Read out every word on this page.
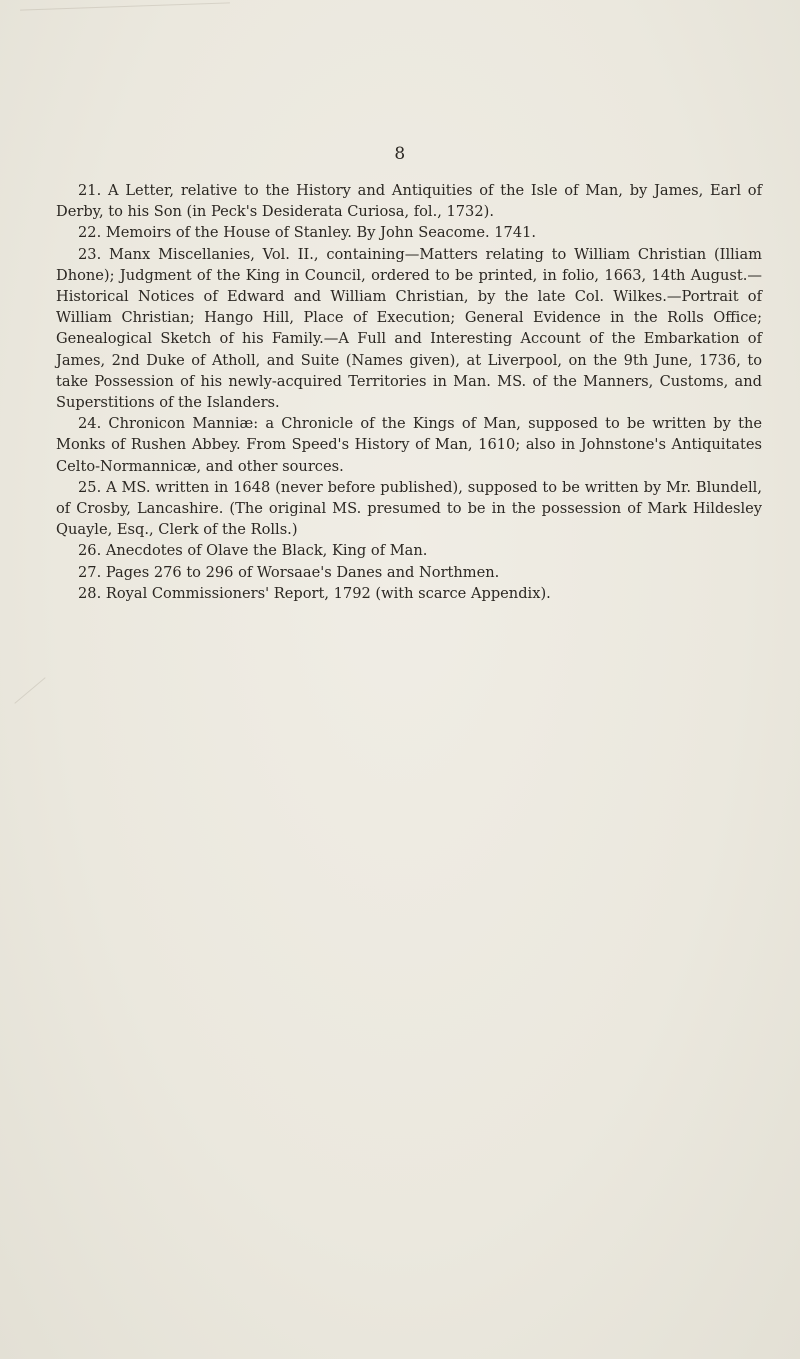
8

21. A Letter, relative to the History and Antiquities of the Isle of Man, by James, Earl of Derby, to his Son (in Peck's Desiderata Curiosa, fol., 1732).

22. Memoirs of the House of Stanley. By John Seacome. 1741.

23. Manx Miscellanies, Vol. II., containing—Matters relating to William Christian (Illiam Dhone); Judgment of the King in Council, ordered to be printed, in folio, 1663, 14th August.—Historical Notices of Edward and William Christian, by the late Col. Wilkes.—Portrait of William Christian; Hango Hill, Place of Execution; General Evidence in the Rolls Office; Genealogical Sketch of his Family.—A Full and Interesting Account of the Embarkation of James, 2nd Duke of Atholl, and Suite (Names given), at Liverpool, on the 9th June, 1736, to take Possession of his newly-acquired Territories in Man. MS. of the Manners, Customs, and Superstitions of the Islanders.

24. Chronicon Manniæ: a Chronicle of the Kings of Man, supposed to be written by the Monks of Rushen Abbey. From Speed's History of Man, 1610; also in Johnstone's Antiquitates Celto-Normannicæ, and other sources.

25. A MS. written in 1648 (never before published), supposed to be written by Mr. Blundell, of Crosby, Lancashire. (The original MS. presumed to be in the possession of Mark Hildesley Quayle, Esq., Clerk of the Rolls.)

26. Anecdotes of Olave the Black, King of Man.

27. Pages 276 to 296 of Worsaae's Danes and Northmen.

28. Royal Commissioners' Report, 1792 (with scarce Appendix).
